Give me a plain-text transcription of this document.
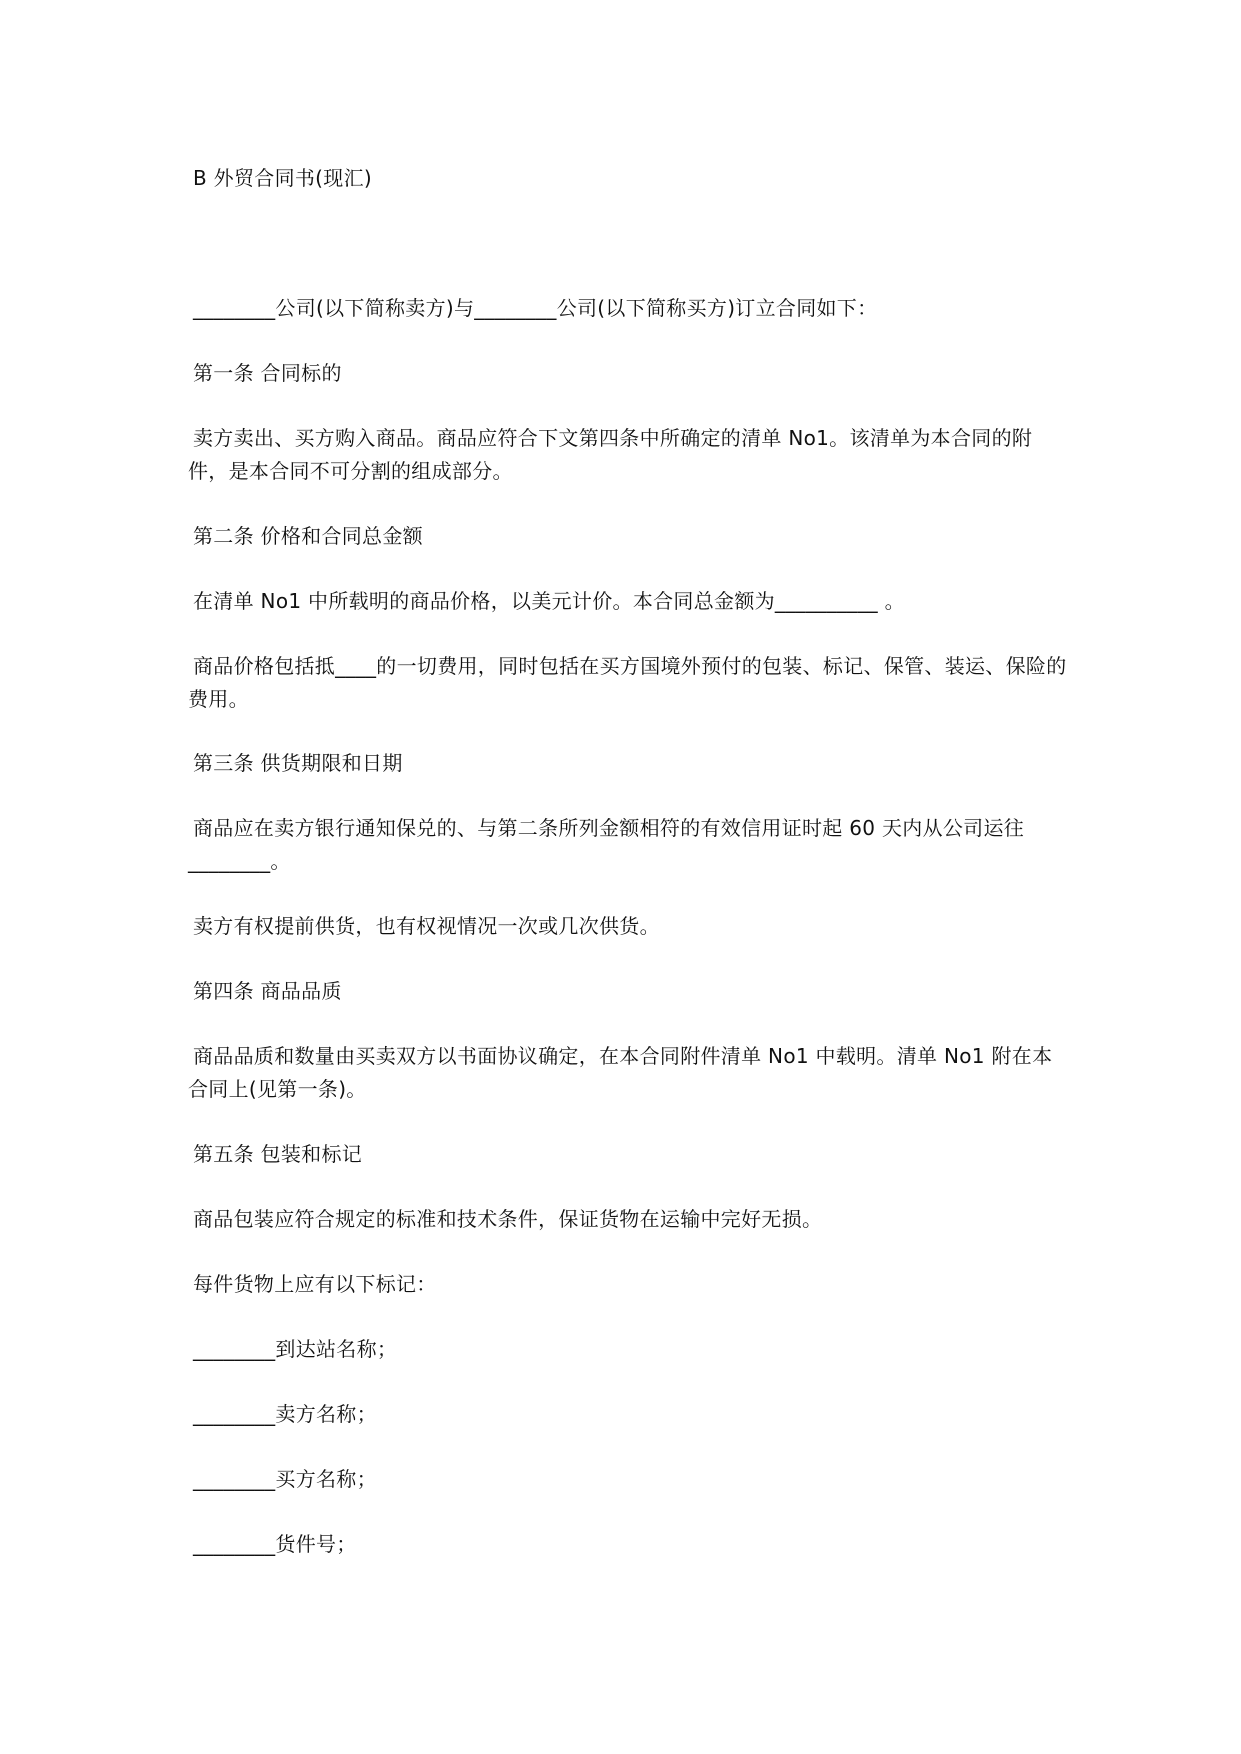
B 外贸合同书(现汇)
________公司(以下简称卖方)与________公司(以下简称买方)订立合同如下：
第一条 合同标的
卖方卖出、买方购入商品。商品应符合下文第四条中所确定的清单 No1。该清单为本合同的附件，是本合同不可分割的组成部分。
第二条 价格和合同总金额
在清单 No1 中所载明的商品价格，以美元计价。本合同总金额为__________ 。
商品价格包括抵____的一切费用，同时包括在买方国境外预付的包装、标记、保管、装运、保险的费用。
第三条 供货期限和日期
商品应在卖方银行通知保兑的、与第二条所列金额相符的有效信用证时起 60 天内从公司运往________。
卖方有权提前供货，也有权视情况一次或几次供货。
第四条 商品品质
商品品质和数量由买卖双方以书面协议确定，在本合同附件清单 No1 中载明。清单 No1 附在本合同上(见第一条)。
第五条 包装和标记
商品包装应符合规定的标准和技术条件，保证货物在运输中完好无损。
每件货物上应有以下标记：
________到达站名称；
________卖方名称；
________买方名称；
________货件号；
